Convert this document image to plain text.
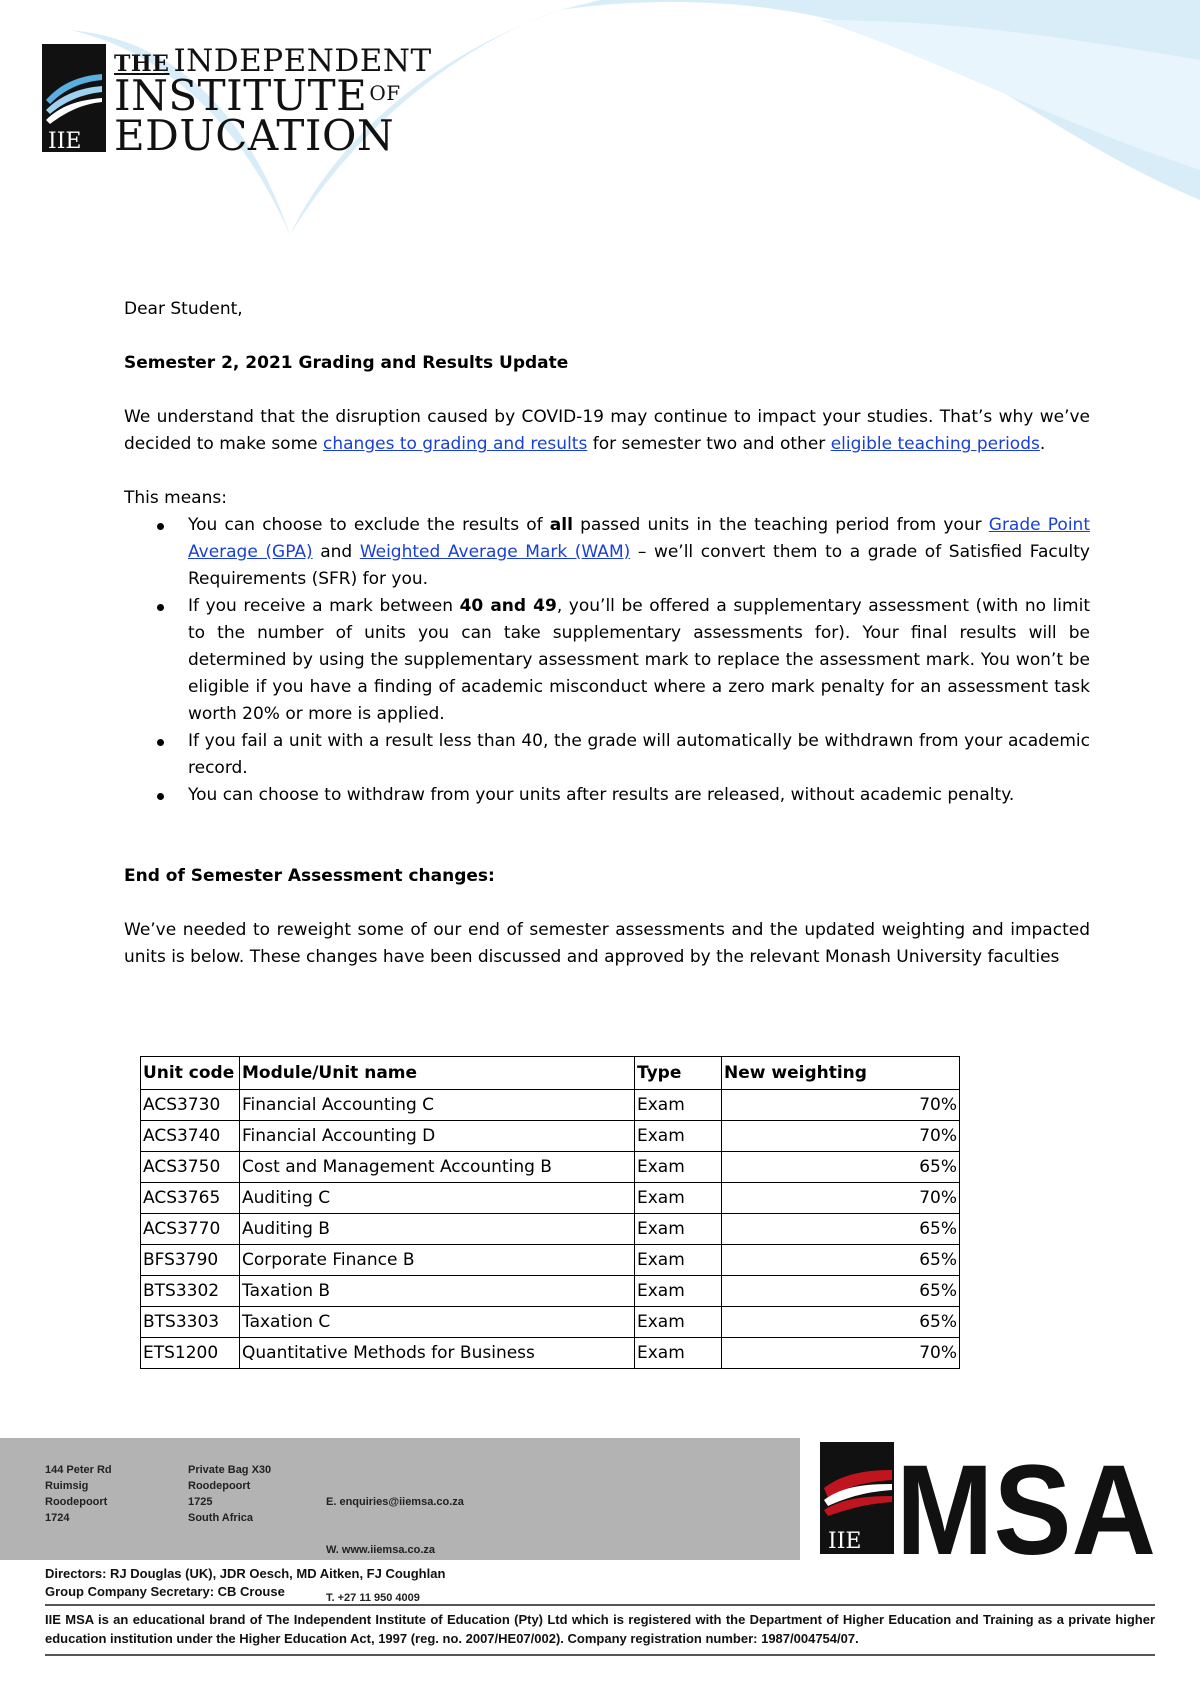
IIE
THE INDEPENDENT
INSTITUTE OF
EDUCATION

Dear Student,

Semester 2, 2021 Grading and Results Update

We understand that the disruption caused by COVID-19 may continue to impact your studies. That’s why we’ve decided to make some changes to grading and results for semester two and other eligible teaching periods.

This means:

You can choose to exclude the results of all passed units in the teaching period from your Grade Point Average (GPA) and Weighted Average Mark (WAM) – we’ll convert them to a grade of Satisfied Faculty Requirements (SFR) for you.
If you receive a mark between 40 and 49, you’ll be offered a supplementary assessment (with no limit to the number of units you can take supplementary assessments for). Your final results will be determined by using the supplementary assessment mark to replace the assessment mark. You won’t be eligible if you have a finding of academic misconduct where a zero mark penalty for an assessment task worth 20% or more is applied.
If you fail a unit with a result less than 40, the grade will automatically be withdrawn from your academic record.
You can choose to withdraw from your units after results are released, without academic penalty.

End of Semester Assessment changes:

We’ve needed to reweight some of our end of semester assessments and the updated weighting and impacted units is below. These changes have been discussed and approved by the relevant Monash University faculties

Unit code	Module/Unit name	Type	New weighting
ACS3730	Financial Accounting C	Exam	70%
ACS3740	Financial Accounting D	Exam	70%
ACS3750	Cost and Management Accounting B	Exam	65%
ACS3765	Auditing C	Exam	70%
ACS3770	Auditing B	Exam	65%
BFS3790	Corporate Finance B	Exam	65%
BTS3302	Taxation B	Exam	65%
BTS3303	Taxation C	Exam	65%
ETS1200	Quantitative Methods for Business	Exam	70%
144 Peter Rd
Ruimsig
Roodepoort
1724
Private Bag X30
Roodepoort
1725
South Africa

E. enquiries@iiemsa.co.za

W. www.iiemsa.co.za

T. +27 11 950 4009

IIE MSA
Directors: RJ Douglas (UK), JDR Oesch, MD Aitken, FJ Coughlan
Group Company Secretary: CB Crouse
IIE MSA is an educational brand of The Independent Institute of Education (Pty) Ltd which is registered with the Department of Higher Education and Training as a private higher education institution under the Higher Education Act, 1997 (reg. no. 2007/HE07/002). Company registration number: 1987/004754/07.
